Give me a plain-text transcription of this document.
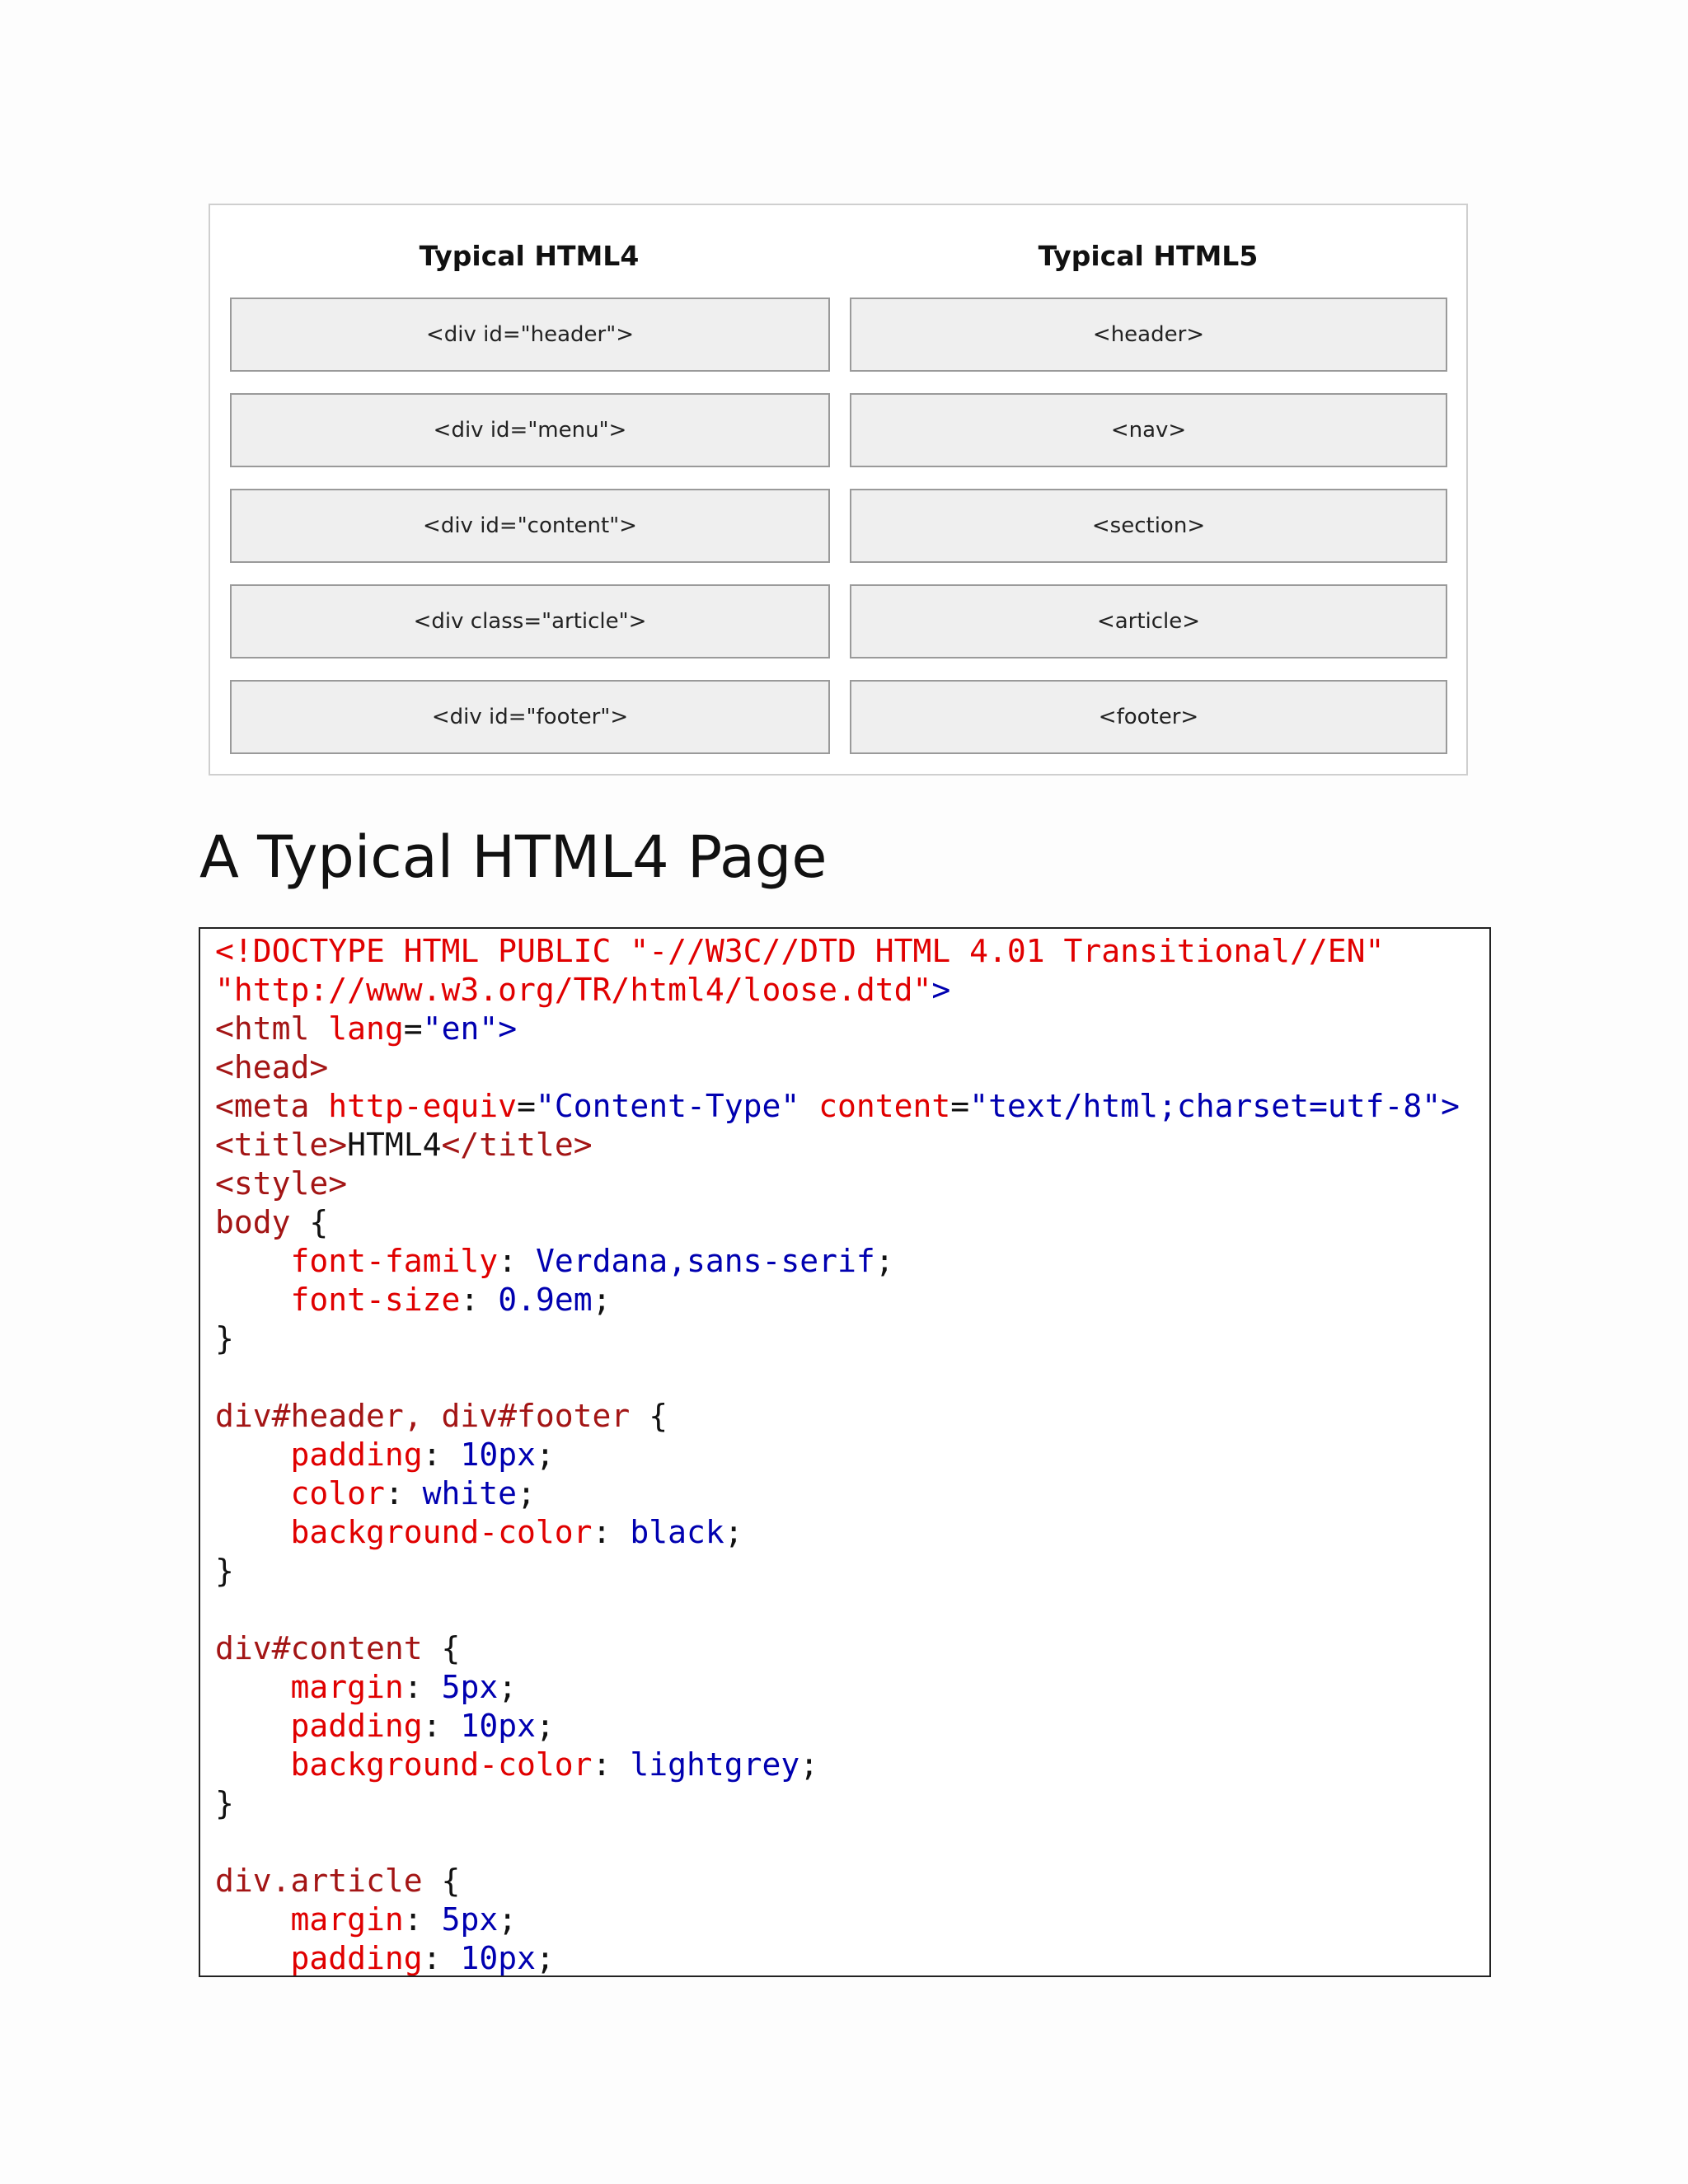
Typical HTML4	Typical HTML5
<div id="header">	<header>
<div id="menu">	<nav>
<div id="content">	<section>
<div class="article">	<article>
<div id="footer">	<footer>
A Typical HTML4 Page
<!DOCTYPE HTML PUBLIC "-//W3C//DTD HTML 4.01 Transitional//EN"
"http://www.w3.org/TR/html4/loose.dtd">
<html lang="en">
<head>
<meta http-equiv="Content-Type" content="text/html;charset=utf-8">
<title>HTML4</title>
<style>
body {
font-family: Verdana,sans-serif;
font-size: 0.9em;
}
div#header, div#footer {
padding: 10px;
color: white;
background-color: black;
}
div#content {
margin: 5px;
padding: 10px;
background-color: lightgrey;
}
div.article {
margin: 5px;
padding: 10px;
